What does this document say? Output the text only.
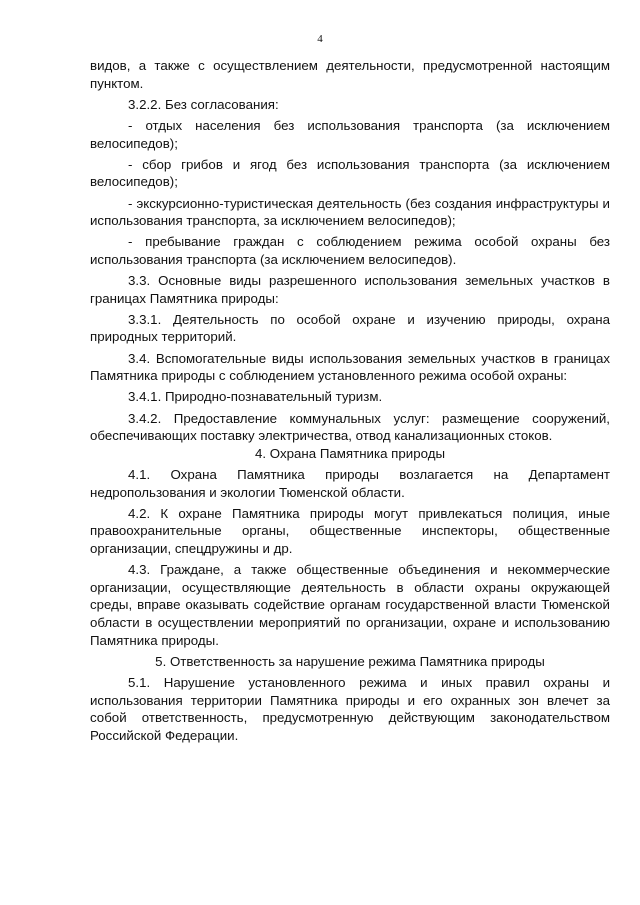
4

видов, а также с осуществлением деятельности, предусмотренной настоящим пунктом.

3.2.2. Без согласования:

- отдых населения без использования транспорта (за исключением велосипедов);

- сбор грибов и ягод без использования транспорта (за исключением велосипедов);

- экскурсионно-туристическая деятельность (без создания инфраструктуры и использования транспорта, за исключением велосипедов);

- пребывание граждан с соблюдением режима особой охраны без использования транспорта (за исключением велосипедов).

3.3. Основные виды разрешенного использования земельных участков в границах Памятника природы:

3.3.1. Деятельность по особой охране и изучению природы, охрана природных территорий.

3.4. Вспомогательные виды использования земельных участков в границах Памятника природы с соблюдением установленного режима особой охраны:

3.4.1. Природно-познавательный туризм.

3.4.2. Предоставление коммунальных услуг: размещение сооружений, обеспечивающих поставку электричества, отвод канализационных стоков.

4. Охрана Памятника природы

4.1. Охрана Памятника природы возлагается на Департамент недропользования и экологии Тюменской области.

4.2. К охране Памятника природы могут привлекаться полиция, иные правоохранительные органы, общественные инспекторы, общественные организации, спецдружины и др.

4.3. Граждане, а также общественные объединения и некоммерческие организации, осуществляющие деятельность в области охраны окружающей среды, вправе оказывать содействие органам государственной власти Тюменской области в осуществлении мероприятий по организации, охране и использованию Памятника природы.

5. Ответственность за нарушение режима Памятника природы

5.1. Нарушение установленного режима и иных правил охраны и использования территории Памятника природы и его охранных зон влечет за собой ответственность, предусмотренную действующим законодательством Российской Федерации.
